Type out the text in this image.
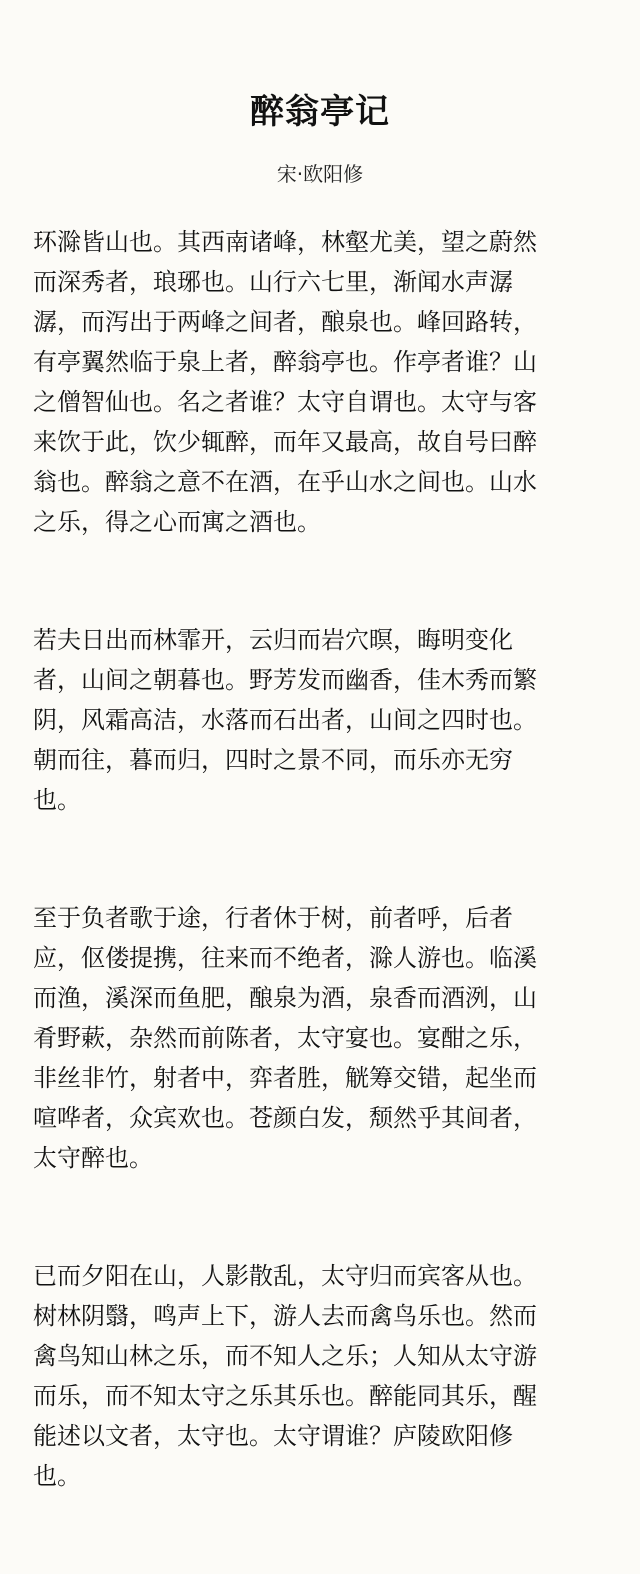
醉翁亭记

宋·欧阳修

环滁皆山也。其西南诸峰，林壑尤美，望之蔚然
而深秀者，琅琊也。山行六七里，渐闻水声潺
潺，而泻出于两峰之间者，酿泉也。峰回路转，
有亭翼然临于泉上者，醉翁亭也。作亭者谁？山
之僧智仙也。名之者谁？太守自谓也。太守与客
来饮于此，饮少辄醉，而年又最高，故自号曰醉
翁也。醉翁之意不在酒，在乎山水之间也。山水
之乐，得之心而寓之酒也。
若夫日出而林霏开，云归而岩穴暝，晦明变化
者，山间之朝暮也。野芳发而幽香，佳木秀而繁
阴，风霜高洁，水落而石出者，山间之四时也。
朝而往，暮而归，四时之景不同，而乐亦无穷
也。
至于负者歌于途，行者休于树，前者呼，后者
应，伛偻提携，往来而不绝者，滁人游也。临溪
而渔，溪深而鱼肥，酿泉为酒，泉香而酒洌，山
肴野蔌，杂然而前陈者，太守宴也。宴酣之乐，
非丝非竹，射者中，弈者胜，觥筹交错，起坐而
喧哗者，众宾欢也。苍颜白发，颓然乎其间者，
太守醉也。
已而夕阳在山，人影散乱，太守归而宾客从也。
树林阴翳，鸣声上下，游人去而禽鸟乐也。然而
禽鸟知山林之乐，而不知人之乐；人知从太守游
而乐，而不知太守之乐其乐也。醉能同其乐，醒
能述以文者，太守也。太守谓谁？庐陵欧阳修
也。
